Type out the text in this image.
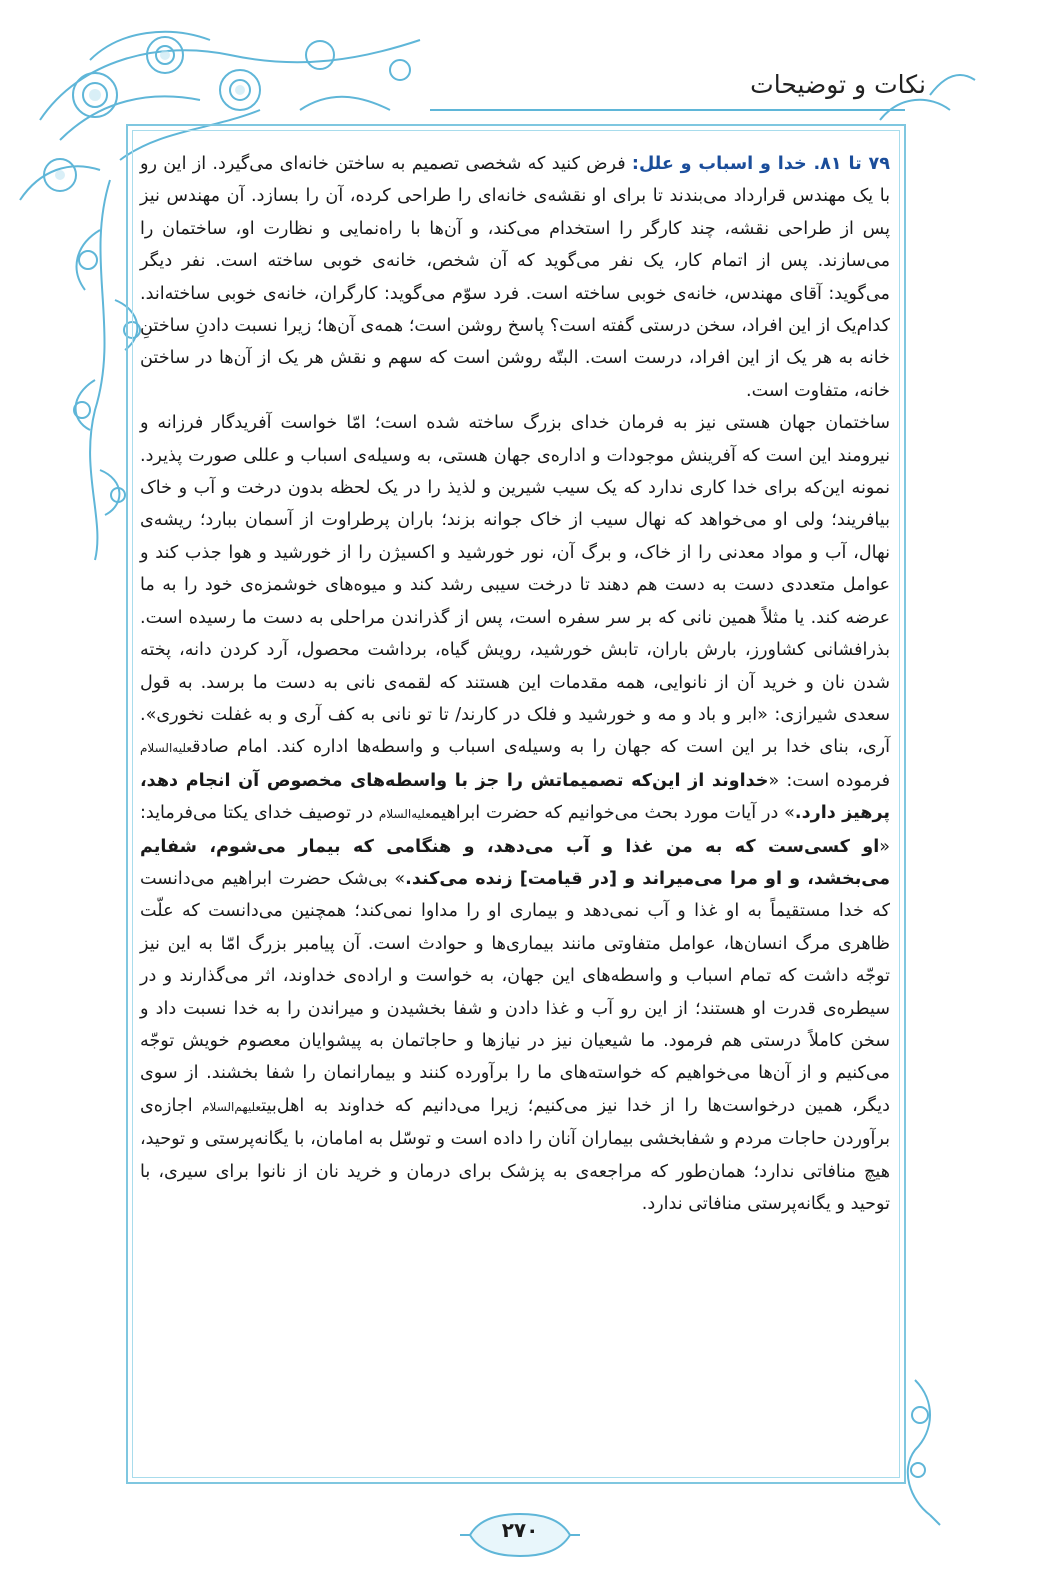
نکات و توضیحات

۷۹ تا ۸۱. خدا و اسباب و علل: فرض کنید که شخصی تصمیم به ساختن خانه‌ای می‌گیرد. از این رو با یک مهندس قرارداد می‌بندند تا برای او نقشه‌ی خانه‌ای را طراحی کرده، آن را بسازد. آن مهندس نیز پس از طراحی نقشه، چند کارگر را استخدام می‌کند، و آن‌ها با راه‌نمایی و نظارت او، ساختمان را می‌سازند. پس از اتمام کار، یک نفر می‌گوید که آن شخص، خانه‌ی خوبی ساخته است. نفر دیگر می‌گوید: آقای مهندس، خانه‌ی خوبی ساخته است. فرد سوّم می‌گوید: کارگران، خانه‌ی خوبی ساخته‌اند. کدام‌یک از این افراد، سخن درستی گفته است؟ پاسخ روشن است؛ همه‌ی آن‌ها؛ زیرا نسبت دادنِ ساختنِ خانه به هر یک از این افراد، درست است. البتّه روشن است که سهم و نقش هر یک از آن‌ها در ساختن خانه، متفاوت است.

ساختمان جهان هستی نیز به فرمان خدای بزرگ ساخته شده است؛ امّا خواست آفریدگار فرزانه و نیرومند این است که آفرینش موجودات و اداره‌ی جهان هستی، به وسیله‌ی اسباب و عللی صورت پذیرد. نمونه این‌که برای خدا کاری ندارد که یک سیب شیرین و لذیذ را در یک لحظه بدون درخت و آب و خاک بیافریند؛ ولی او می‌خواهد که نهال سیب از خاک جوانه بزند؛ باران پرطراوت از آسمان ببارد؛ ریشه‌ی نهال، آب و مواد معدنی را از خاک، و برگ آن، نور خورشید و اکسیژن را از خورشید و هوا جذب کند و عوامل متعددی دست به دست هم دهند تا درخت سیبی رشد کند و میوه‌های خوشمزه‌ی خود را به ما عرضه کند. یا مثلاً همین نانی که بر سر سفره است، پس از گذراندن مراحلی به دست ما رسیده است. بذرافشانی کشاورز، بارش باران، تابش خورشید، رویش گیاه، برداشت محصول، آرد کردن دانه، پخته شدن نان و خرید آن از نانوایی، همه مقدمات این هستند که لقمه‌ی نانی به دست ما برسد. به قول سعدی شیرازی: «ابر و باد و مه و خورشید و فلک در کارند/ تا تو نانی به کف آری و به غفلت نخوری». آری، بنای خدا بر این است که جهان را به وسیله‌ی اسباب و واسطه‌ها اداره کند. امام صادقعلیه‌السلام فرموده است: «خداوند از این‌که تصمیماتش را جز با واسطه‌های مخصوص آن انجام دهد، پرهیز دارد.» در آیات مورد بحث می‌خوانیم که حضرت ابراهیمعلیه‌السلام در توصیف خدای یکتا می‌فرماید: «او کسی‌ست که به من غذا و آب می‌دهد، و هنگامی که بیمار می‌شوم، شفایم می‌بخشد، و او مرا می‌میراند و [در قیامت] زنده می‌کند.» بی‌شک حضرت ابراهیم می‌دانست که خدا مستقیماً به او غذا و آب نمی‌دهد و بیماری او را مداوا نمی‌کند؛ همچنین می‌دانست که علّت ظاهری مرگ انسان‌ها، عوامل متفاوتی مانند بیماری‌ها و حوادث است. آن پیامبر بزرگ امّا به این نیز توجّه داشت که تمام اسباب و واسطه‌های این جهان، به خواست و اراده‌ی خداوند، اثر می‌گذارند و در سیطره‌ی قدرت او هستند؛ از این رو آب و غذا دادن و شفا بخشیدن و میراندن را به خدا نسبت داد و سخن کاملاً درستی هم فرمود. ما شیعیان نیز در نیازها و حاجاتمان به پیشوایان معصوم خویش توجّه می‌کنیم و از آن‌ها می‌خواهیم که خواسته‌های ما را برآورده کنند و بیمارانمان را شفا بخشند. از سوی دیگر، همین درخواست‌ها را از خدا نیز می‌کنیم؛ زیرا می‌دانیم که خداوند به اهل‌بیتعلیهم‌السلام اجازه‌ی برآوردن حاجات مردم و شفابخشی بیماران آنان را داده است و توسّل به امامان، با یگانه‌پرستی و توحید، هیچ منافاتی ندارد؛ همان‌طور که مراجعه‌ی به پزشک برای درمان و خرید نان از نانوا برای سیری، با توحید و یگانه‌پرستی منافاتی ندارد.

۲۷۰
